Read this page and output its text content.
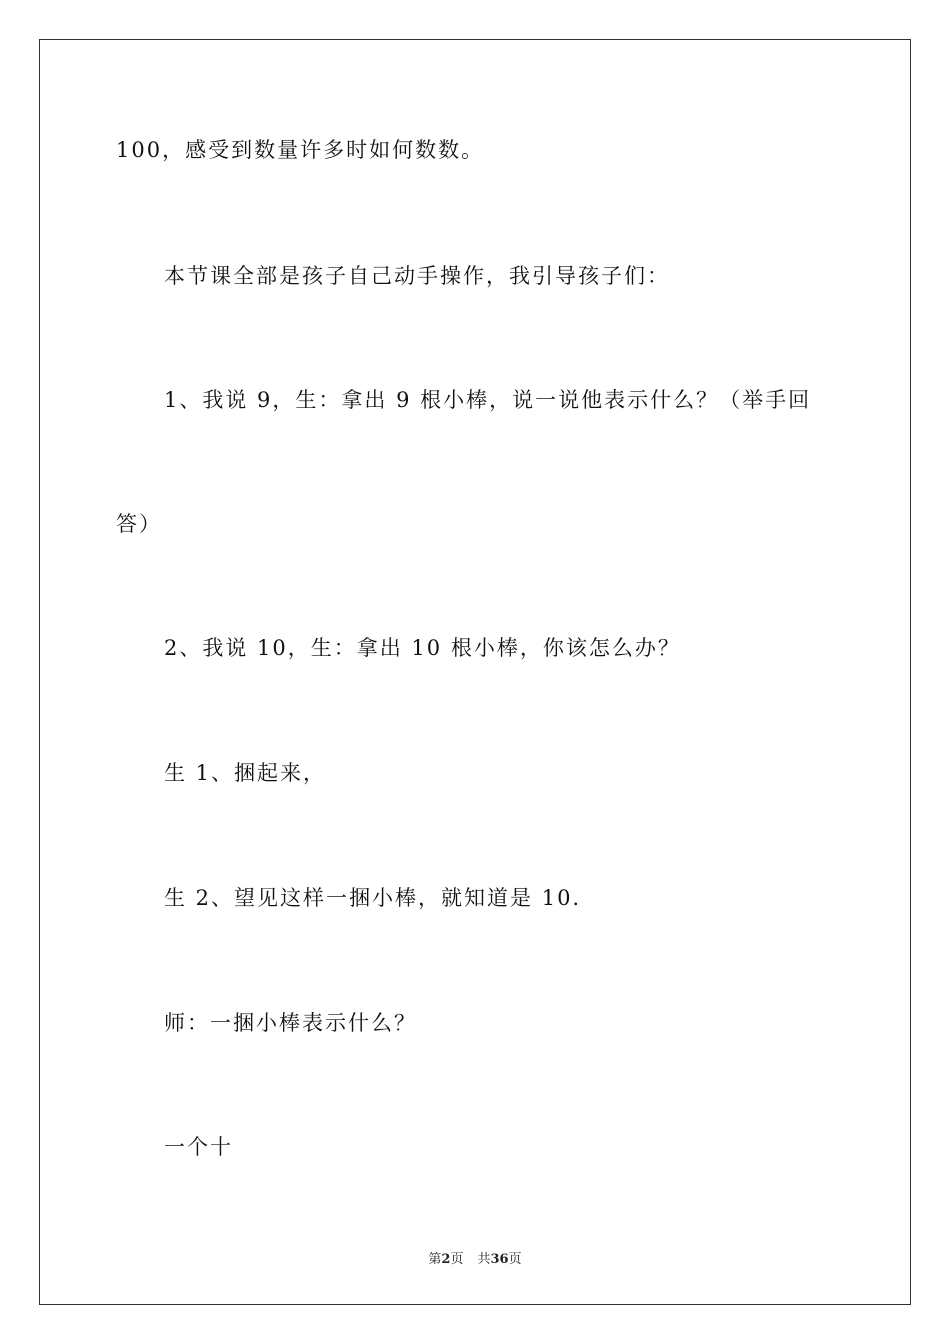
100，感受到数量许多时如何数数。
本节课全部是孩子自己动手操作，我引导孩子们：
1、我说 9，生：拿出 9 根小棒，说一说他表示什么？（举手回
答）
2、我说 10，生：拿出 10 根小棒，你该怎么办？
生 1、捆起来，
生 2、望见这样一捆小棒，就知道是 10.
师：一捆小棒表示什么？
一个十
第2页 共36页
